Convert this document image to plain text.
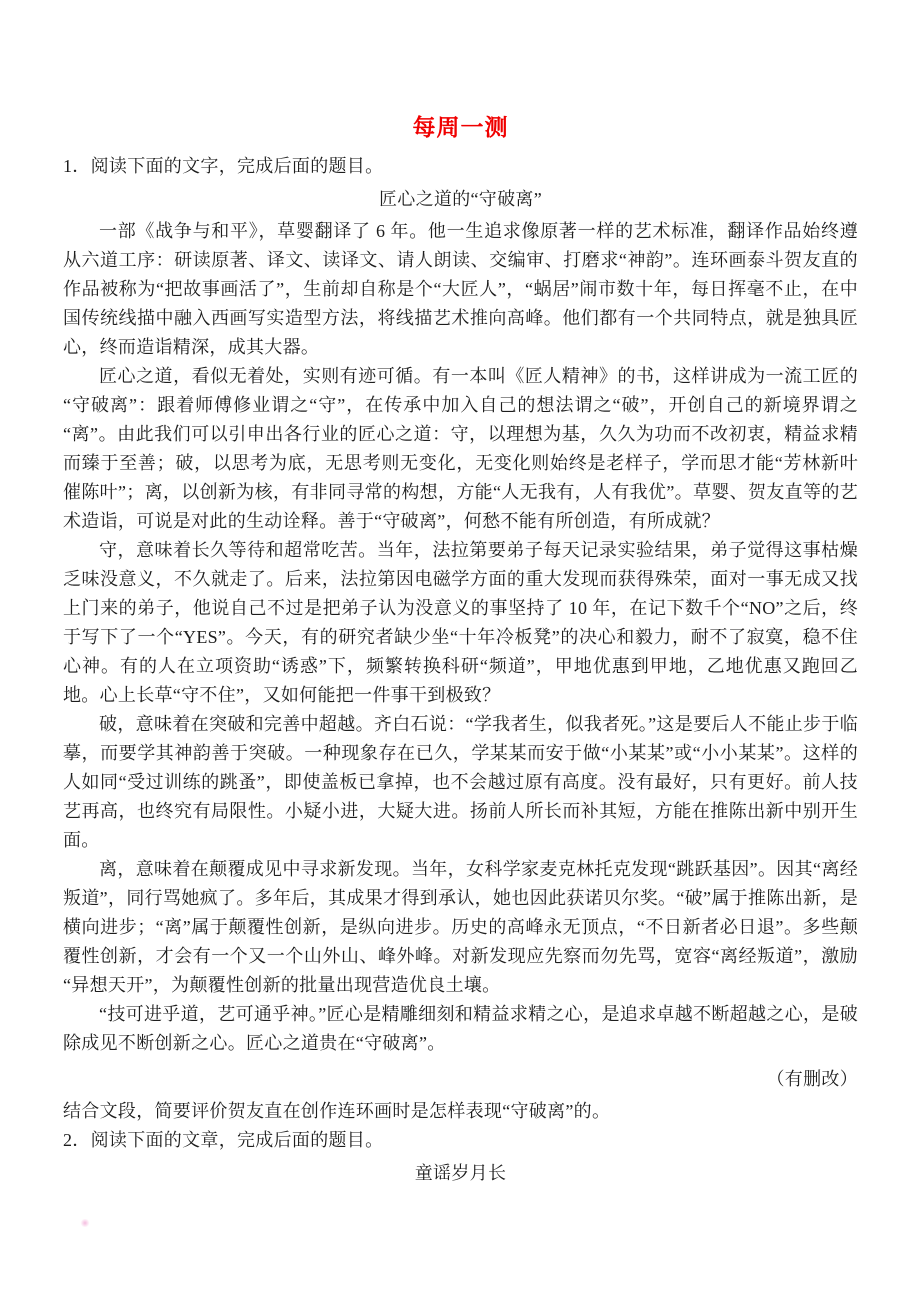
每周一测

1．阅读下面的文字，完成后面的题目。

匠心之道的“守破离”

一部《战争与和平》，草婴翻译了 6 年。他一生追求像原著一样的艺术标准，翻译作品始终遵从六道工序：研读原著、译文、读译文、请人朗读、交编审、打磨求“神韵”。连环画泰斗贺友直的作品被称为“把故事画活了”，生前却自称是个“大匠人”，“蜗居”闹市数十年，每日挥毫不止，在中国传统线描中融入西画写实造型方法，将线描艺术推向高峰。他们都有一个共同特点，就是独具匠心，终而造诣精深，成其大器。

匠心之道，看似无着处，实则有迹可循。有一本叫《匠人精神》的书，这样讲成为一流工匠的“守破离”：跟着师傅修业谓之“守”，在传承中加入自己的想法谓之“破”，开创自己的新境界谓之“离”。由此我们可以引申出各行业的匠心之道：守，以理想为基，久久为功而不改初衷，精益求精而臻于至善；破，以思考为底，无思考则无变化，无变化则始终是老样子，学而思才能“芳林新叶催陈叶”；离，以创新为核，有非同寻常的构想，方能“人无我有，人有我优”。草婴、贺友直等的艺术造诣，可说是对此的生动诠释。善于“守破离”，何愁不能有所创造，有所成就？

守，意味着长久等待和超常吃苦。当年，法拉第要弟子每天记录实验结果，弟子觉得这事枯燥乏味没意义，不久就走了。后来，法拉第因电磁学方面的重大发现而获得殊荣，面对一事无成又找上门来的弟子，他说自己不过是把弟子认为没意义的事坚持了 10 年，在记下数千个“NO”之后，终于写下了一个“YES”。今天，有的研究者缺少坐“十年冷板凳”的决心和毅力，耐不了寂寞，稳不住心神。有的人在立项资助“诱惑”下，频繁转换科研“频道”，甲地优惠到甲地，乙地优惠又跑回乙地。心上长草“守不住”，又如何能把一件事干到极致？

破，意味着在突破和完善中超越。齐白石说：“学我者生，似我者死。”这是要后人不能止步于临摹，而要学其神韵善于突破。一种现象存在已久，学某某而安于做“小某某”或“小小某某”。这样的人如同“受过训练的跳蚤”，即使盖板已拿掉，也不会越过原有高度。没有最好，只有更好。前人技艺再高，也终究有局限性。小疑小进，大疑大进。扬前人所长而补其短，方能在推陈出新中别开生面。

离，意味着在颠覆成见中寻求新发现。当年，女科学家麦克林托克发现“跳跃基因”。因其“离经叛道”，同行骂她疯了。多年后，其成果才得到承认，她也因此获诺贝尔奖。“破”属于推陈出新，是横向进步；“离”属于颠覆性创新，是纵向进步。历史的高峰永无顶点，“不日新者必日退”。多些颠覆性创新，才会有一个又一个山外山、峰外峰。对新发现应先察而勿先骂，宽容“离经叛道”，激励“异想天开”，为颠覆性创新的批量出现营造优良土壤。

“技可进乎道，艺可通乎神。”匠心是精雕细刻和精益求精之心，是追求卓越不断超越之心，是破除成见不断创新之心。匠心之道贵在“守破离”。

（有删改）

结合文段，简要评价贺友直在创作连环画时是怎样表现“守破离”的。

2．阅读下面的文章，完成后面的题目。

童谣岁月长
